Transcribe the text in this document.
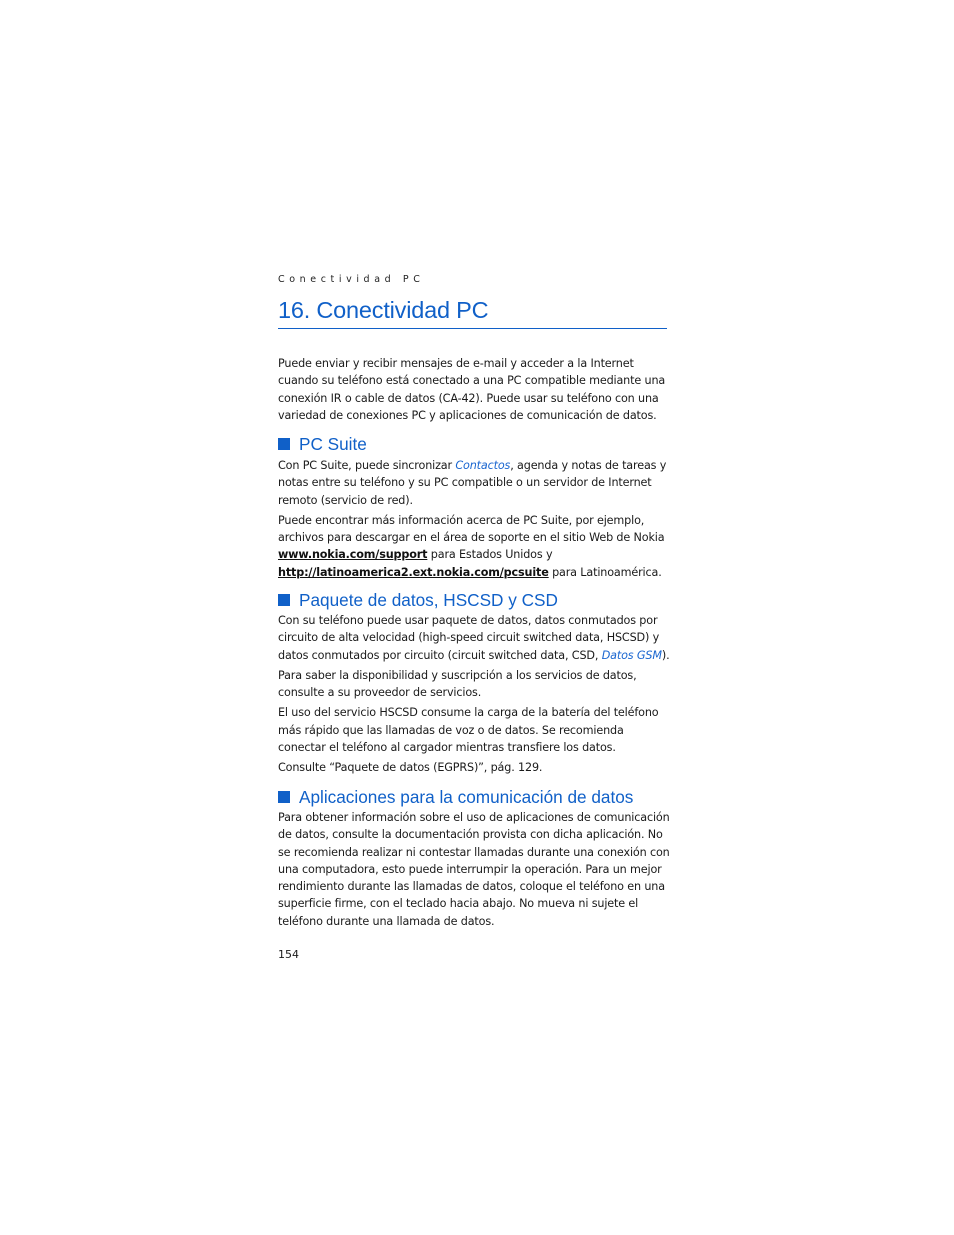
Conectividad PC
16. Conectividad PC

Puede enviar y recibir mensajes de e-mail y acceder a la Internet cuando su teléfono está conectado a una PC compatible mediante una conexión IR o cable de datos (CA-42). Puede usar su teléfono con una variedad de conexiones PC y aplicaciones de comunicación de datos.

PC Suite

Con PC Suite, puede sincronizar Contactos, agenda y notas de tareas y notas entre su teléfono y su PC compatible o un servidor de Internet remoto (servicio de red).

Puede encontrar más información acerca de PC Suite, por ejemplo, archivos para descargar en el área de soporte en el sitio Web de Nokia www.nokia.com/support para Estados Unidos y http://latinoamerica2.ext.nokia.com/pcsuite para Latinoamérica.

Paquete de datos, HSCSD y CSD

Con su teléfono puede usar paquete de datos, datos conmutados por circuito de alta velocidad (high-speed circuit switched data, HSCSD) y datos conmutados por circuito (circuit switched data, CSD, Datos GSM).

Para saber la disponibilidad y suscripción a los servicios de datos, consulte a su proveedor de servicios.

El uso del servicio HSCSD consume la carga de la batería del teléfono más rápido que las llamadas de voz o de datos. Se recomienda conectar el teléfono al cargador mientras transfiere los datos.

Consulte “Paquete de datos (EGPRS)”, pág. 129.

Aplicaciones para la comunicación de datos

Para obtener información sobre el uso de aplicaciones de comunicación de datos, consulte la documentación provista con dicha aplicación. No se recomienda realizar ni contestar llamadas durante una conexión con una computadora, esto puede interrumpir la operación. Para un mejor rendimiento durante las llamadas de datos, coloque el teléfono en una superficie firme, con el teclado hacia abajo. No mueva ni sujete el teléfono durante una llamada de datos.

154
